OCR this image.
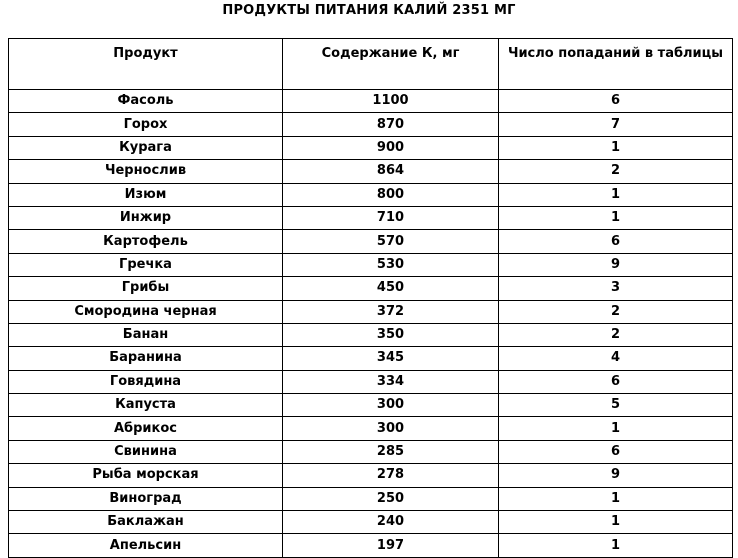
ПРОДУКТЫ ПИТАНИЯ КАЛИЙ 2351 МГ
Продукт	Содержание К, мг	Число попаданий в таблицы
Фасоль	1100	6
Горох	870	7
Курага	900	1
Чернослив	864	2
Изюм	800	1
Инжир	710	1
Картофель	570	6
Гречка	530	9
Грибы	450	3
Смородина черная	372	2
Банан	350	2
Баранина	345	4
Говядина	334	6
Капуста	300	5
Абрикос	300	1
Свинина	285	6
Рыба морская	278	9
Виноград	250	1
Баклажан	240	1
Апельсин	197	1
